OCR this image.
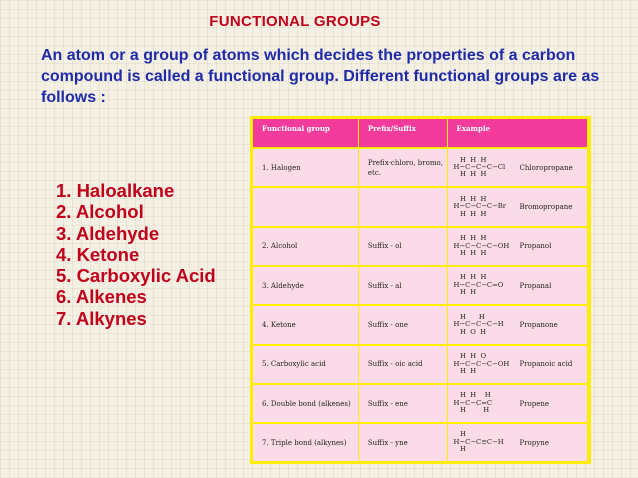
FUNCTIONAL GROUPS
An atom or a group of atoms which decides the properties of a carbon compound is called a functional group. Different functional groups are as follows :
1. Haloalkane
2. Alcohol
3. Aldehyde
4. Ketone
5. Carboxylic Acid
6. Alkenes
7. Alkynes
Functional group	Prefix/Suffix	Example
1. Halogen	Prefix-chloro, bromo, etc.	H  H  H
H−C−C−C−Cl
H  H  H
Chloropropane

		H  H  H
H−C−C−C−Br
H  H  H
Bromopropane

2. Alcohol	Suffix - ol	H  H  H
H−C−C−C−OH
H  H  H
Propanol

3. Aldehyde	Suffix - al	H  H  H
H−C−C−C=O
H  H
Propanal

4. Ketone	Suffix - one	H      H
H−C−C−C−H
H  O  H
Propanone

5. Carboxylic acid	Suffix - oic acid	H  H  O
H−C−C−C−OH
H  H
Propanoic acid

6. Double bond (alkenes)	Suffix - ene	H  H    H
H−C−C=C
H        H
Propene

7. Triple bond (alkynes)	Suffix - yne	H
H−C−C≡C−H
H
Propyne
